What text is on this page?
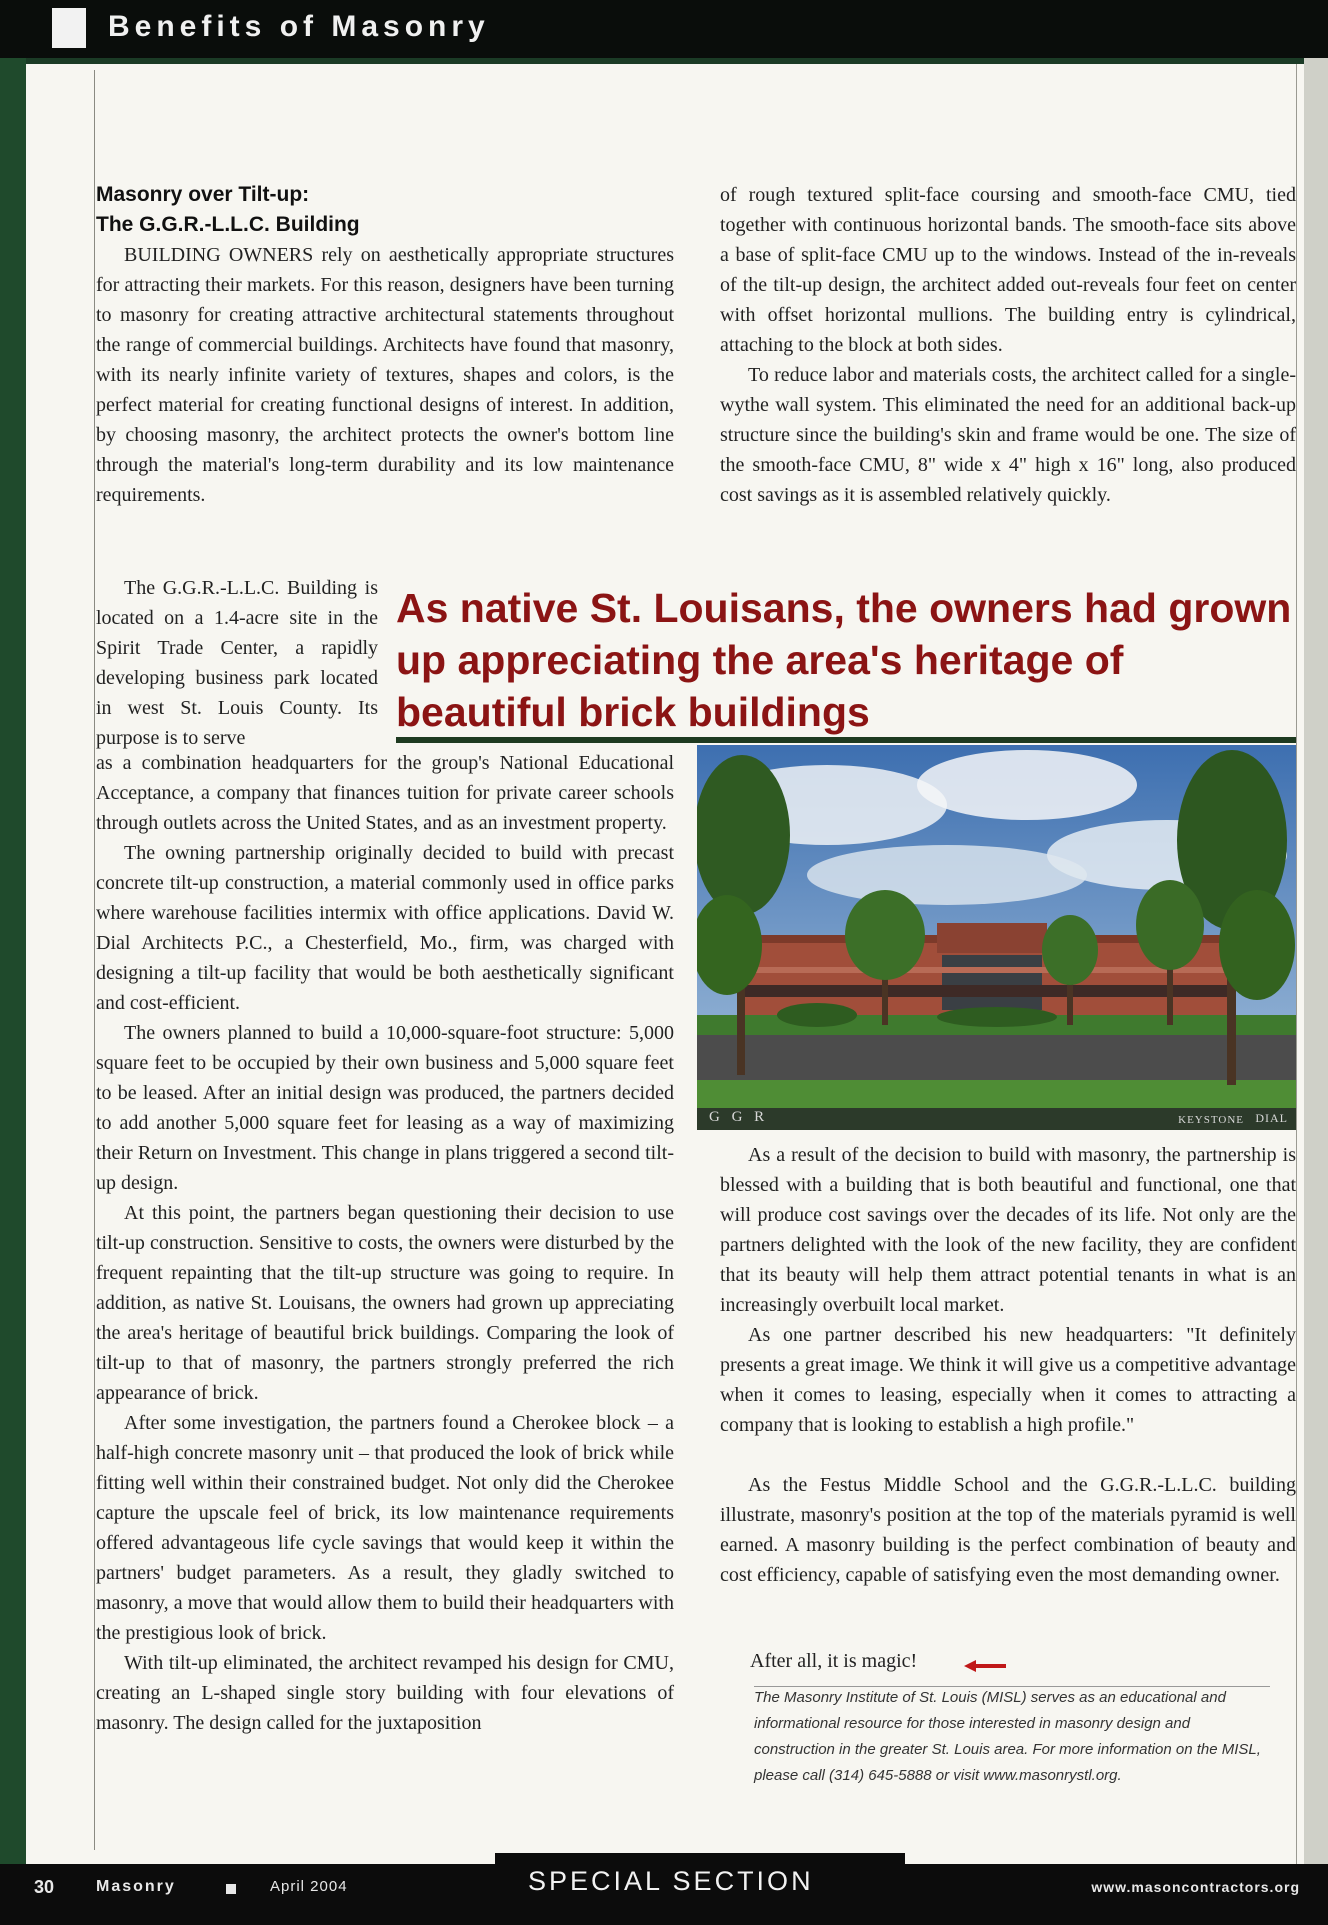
Benefits of Masonry
Masonry over Tilt-up:
The G.G.R.-L.L.C. Building

BUILDING OWNERS rely on aesthetically appropriate structures for attracting their markets. For this reason, designers have been turning to masonry for creating attractive architectural statements throughout the range of commercial buildings. Architects have found that masonry, with its nearly infinite variety of textures, shapes and colors, is the perfect material for creating functional designs of interest. In addition, by choosing masonry, the architect protects the owner's bottom line through the material's long-term durability and its low maintenance requirements.

The G.G.R.-L.L.C. Building is located on a 1.4-acre site in the Spirit Trade Center, a rapidly developing business park located in west St. Louis County. Its purpose is to serve

as a combination headquarters for the group's National Educational Acceptance, a company that finances tuition for private career schools through outlets across the United States, and as an investment property.

The owning partnership originally decided to build with precast concrete tilt-up construction, a material commonly used in office parks where warehouse facilities intermix with office applications. David W. Dial Architects P.C., a Chesterfield, Mo., firm, was charged with designing a tilt-up facility that would be both aesthetically significant and cost-efficient.

The owners planned to build a 10,000-square-foot structure: 5,000 square feet to be occupied by their own business and 5,000 square feet to be leased. After an initial design was produced, the partners decided to add another 5,000 square feet for leasing as a way of maximizing their Return on Investment. This change in plans triggered a second tilt-up design.

At this point, the partners began questioning their decision to use tilt-up construction. Sensitive to costs, the owners were disturbed by the frequent repainting that the tilt-up structure was going to require. In addition, as native St. Louisans, the owners had grown up appreciating the area's heritage of beautiful brick buildings. Comparing the look of tilt-up to that of masonry, the partners strongly preferred the rich appearance of brick.

After some investigation, the partners found a Cherokee block – a half-high concrete masonry unit – that produced the look of brick while fitting well within their constrained budget. Not only did the Cherokee capture the upscale feel of brick, its low maintenance requirements offered advantageous life cycle savings that would keep it within the partners' budget parameters. As a result, they gladly switched to masonry, a move that would allow them to build their headquarters with the prestigious look of brick.

With tilt-up eliminated, the architect revamped his design for CMU, creating an L-shaped single story building with four elevations of masonry. The design called for the juxtaposition

of rough textured split-face coursing and smooth-face CMU, tied together with continuous horizontal bands. The smooth-face sits above a base of split-face CMU up to the windows. Instead of the in-reveals of the tilt-up design, the architect added out-reveals four feet on center with offset horizontal mullions. The building entry is cylindrical, attaching to the block at both sides.

To reduce labor and materials costs, the architect called for a single-wythe wall system. This eliminated the need for an additional back-up structure since the building's skin and frame would be one. The size of the smooth-face CMU, 8" wide x 4" high x 16" long, also produced cost savings as it is assembled relatively quickly.

As native St. Louisans, the owners had grown up appreciating the area's heritage of beautiful brick buildings
G G R	KEYSTONE DIAL

As a result of the decision to build with masonry, the partnership is blessed with a building that is both beautiful and functional, one that will produce cost savings over the decades of its life. Not only are the partners delighted with the look of the new facility, they are confident that its beauty will help them attract potential tenants in what is an increasingly overbuilt local market.

As one partner described his new headquarters: "It definitely presents a great image. We think it will give us a competitive advantage when it comes to leasing, especially when it comes to attracting a company that is looking to establish a high profile."

As the Festus Middle School and the G.G.R.-L.L.C. building illustrate, masonry's position at the top of the materials pyramid is well earned. A masonry building is the perfect combination of beauty and cost efficiency, capable of satisfying even the most demanding owner.

After all, it is magic!
The Masonry Institute of St. Louis (MISL) serves as an educational and informational resource for those interested in masonry design and construction in the greater St. Louis area. For more information on the MISL, please call (314) 645-5888 or visit www.masonrystl.org.
30	Masonry	April 2004	SPECIAL SECTION	www.masoncontractors.org
